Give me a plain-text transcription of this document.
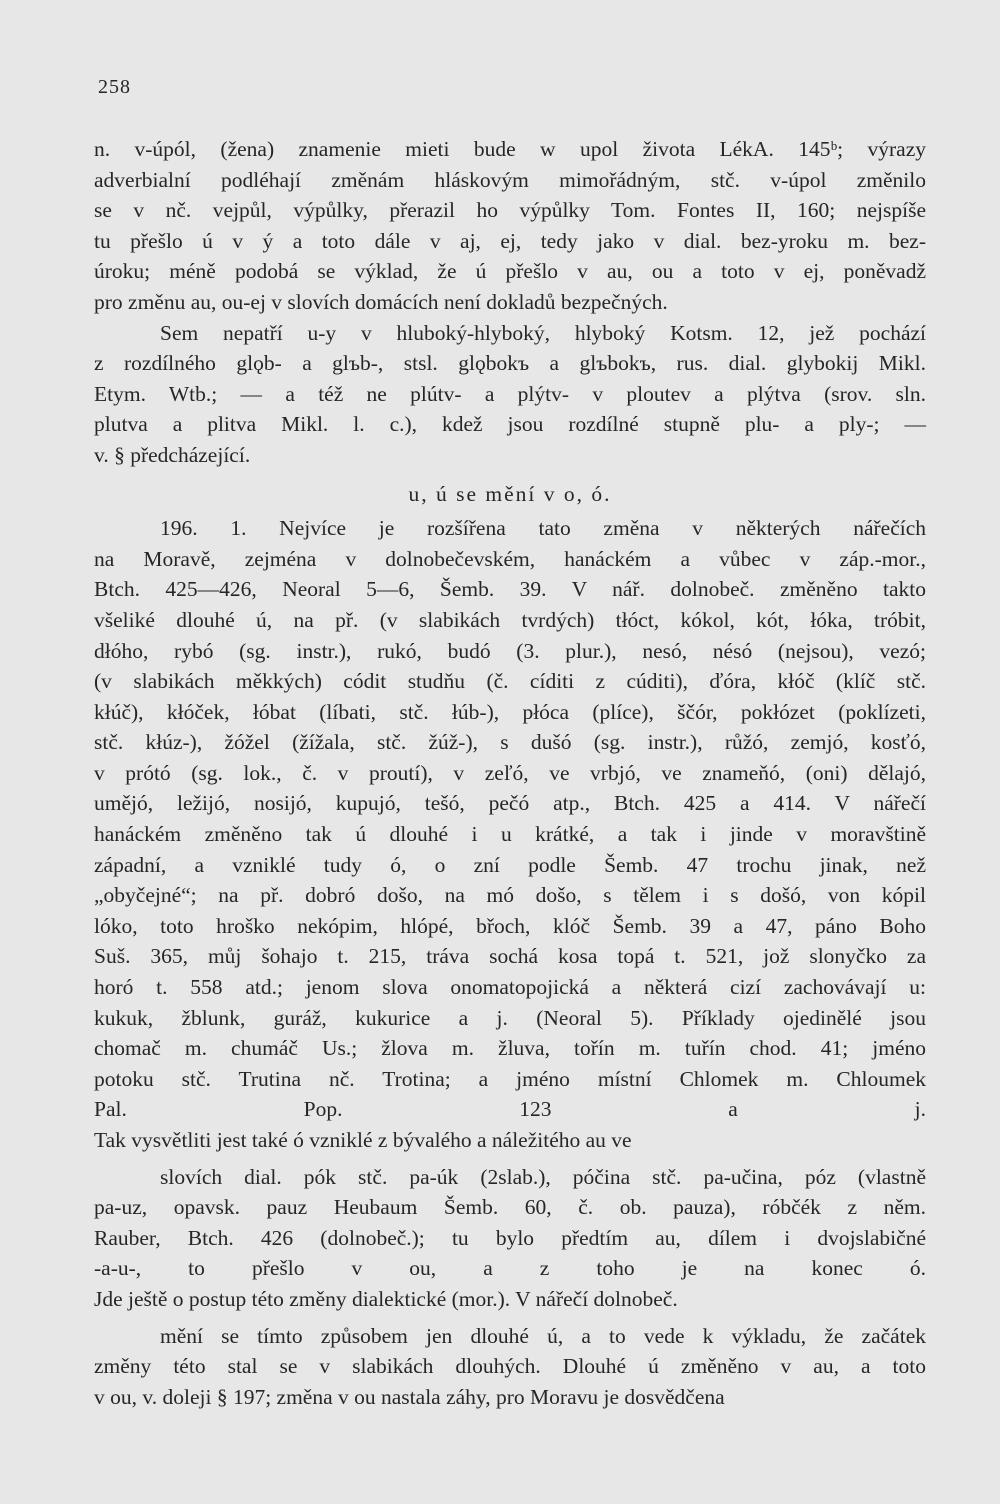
258
n. v-úpól, (žena) znamenie mieti bude w upol života LékA. 145ᵇ; výrazy
adverbialní podléhají změnám hláskovým mimořádným, stč. v-úpol změnilo
se v nč. vejpůl, výpůlky, přerazil ho výpůlky Tom. Fontes II, 160; nejspíše
tu přešlo ú v ý a toto dále v aj, ej, tedy jako v dial. bez-yroku m. bez-
úroku; méně podobá se výklad, že ú přešlo v au, ou a toto v ej, poněvadž
pro změnu au, ou-ej v slovích domácích není dokladů bezpečných.
Sem nepatří u-y v hluboký-hlyboký, hlyboký Kotsm. 12, jež pochází
z rozdílného glǫb- a glъb-, stsl. glǫbokъ a glъbokъ, rus. dial. glybokij Mikl.
Etym. Wtb.; — a též ne plútv- a plýtv- v ploutev a plýtva (srov. sln.
plutva a plitva Mikl. l. c.), kdež jsou rozdílné stupně plu- a ply-; —
v. § předcházející.
u, ú se mění v o, ó.
196. 1. Nejvíce je rozšířena tato změna v některých nářečích
na Moravě, zejména v dolnobečevském, hanáckém a vůbec v záp.-mor.,
Btch. 425—426, Neoral 5—6, Šemb. 39. V nář. dolnobeč. změněno takto
všeliké dlouhé ú, na př. (v slabikách tvrdých) tłóct, kókol, kót, łóka, tróbit,
dłóho, rybó (sg. instr.), rukó, budó (3. plur.), nesó, nésó (nejsou), vezó;
(v slabikách měkkých) códit studňu (č. cíditi z cúditi), ďóra, kłóč (klíč stč.
kłúč), kłóček, łóbat (líbati, stč. łúb-), płóca (plíce), ščór, pokłózet (poklízeti,
stč. kłúz-), žóžel (žížala, stč. žúž-), s dušó (sg. instr.), růžó, zemjó, kosťó,
v prótó (sg. lok., č. v proutí), v zeľó, ve vrbjó, ve znameňó, (oni) dělajó,
umějó, ležijó, nosijó, kupujó, tešó, pečó atp., Btch. 425 a 414. V nářečí
hanáckém změněno tak ú dlouhé i u krátké, a tak i jinde v moravštině
západní, a vzniklé tudy ó, o zní podle Šemb. 47 trochu jinak, než
„obyčejné“; na př. dobró došo, na mó došo, s tělem i s došó, von kópil
lóko, toto hroško nekópim, hlópé, břoch, klóč Šemb. 39 a 47, páno Boho
Suš. 365, můj šohajo t. 215, tráva sochá kosa topá t. 521, jož slonyčko za
horó t. 558 atd.; jenom slova onomatopojická a některá cizí zachovávají u:
kukuk, žblunk, guráž, kukurice a j. (Neoral 5). Příklady ojedinělé jsou
chomač m. chumáč Us.; žlova m. žluva, tořín m. tuřín chod. 41; jméno
potoku stč. Trutina nč. Trotina; a jméno místní Chlomek m. Chloumek
Pal. Pop. 123 a j.
Tak vysvětliti jest také ó vzniklé z bývalého a náležitého au ve
slovích dial. pók stč. pa-úk (2slab.), póčina stč. pa-učina, póz (vlastně
pa-uz, opavsk. pauz Heubaum Šemb. 60, č. ob. pauza), róbčék z něm.
Rauber, Btch. 426 (dolnobeč.); tu bylo předtím au, dílem i dvojslabičné
-a-u-, to přešlo v ou, a z toho je na konec ó.
Jde ještě o postup této změny dialektické (mor.). V nářečí dolnobeč.
mění se tímto způsobem jen dlouhé ú, a to vede k výkladu, že začátek
změny této stal se v slabikách dlouhých. Dlouhé ú změněno v au, a toto
v ou, v. doleji § 197; změna v ou nastala záhy, pro Moravu je dosvědčena
